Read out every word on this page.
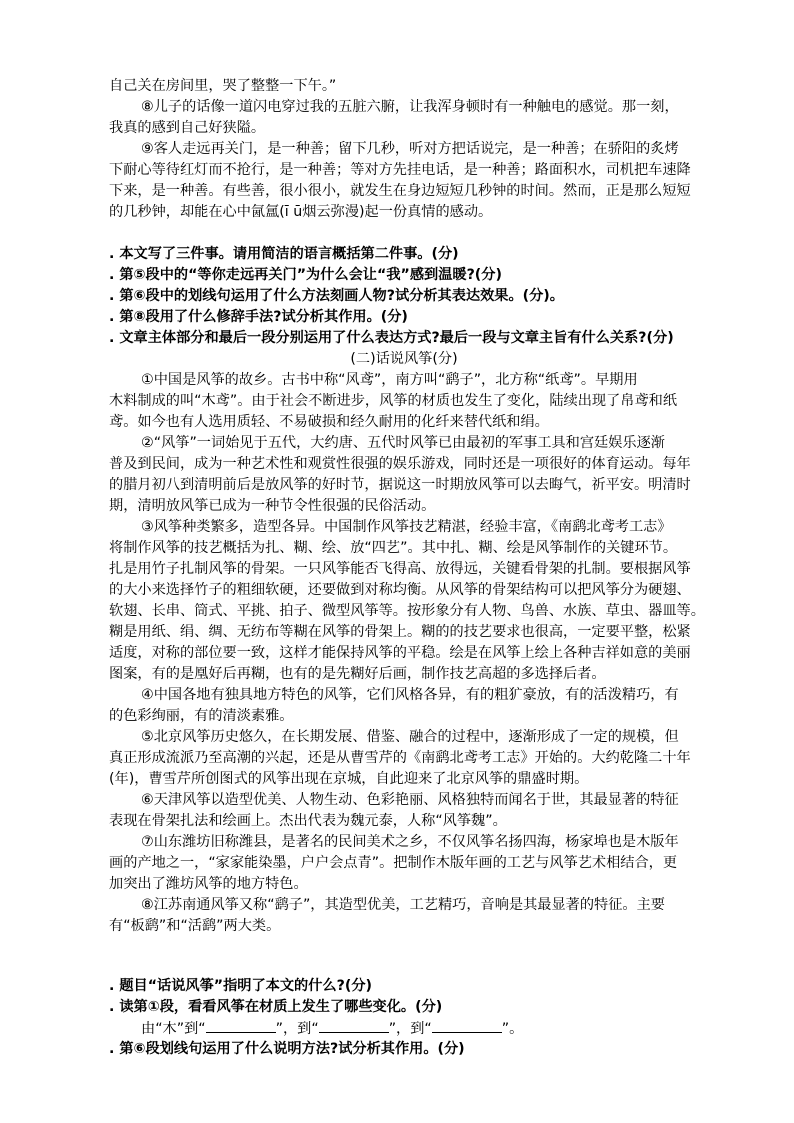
自己关在房间里，哭了整整一下午。”
⑧儿子的话像一道闪电穿过我的五脏六腑，让我浑身顿时有一种触电的感觉。那一刻，
我真的感到自己好狭隘。
⑨客人走远再关门，是一种善；留下几秒，听对方把话说完，是一种善；在骄阳的炙烤
下耐心等待红灯而不抢行，是一种善；等对方先挂电话，是一种善；路面积水，司机把车速降
下来，是一种善。有些善，很小很小，就发生在身边短短几秒钟的时间。然而，正是那么短短
的几秒钟，却能在心中氤氲(ī ū烟云弥漫)起一份真情的感动。
. 本文写了三件事。请用简洁的语言概括第二件事。(分)
. 第⑤段中的“等你走远再关门”为什么会让“我”感到温暖?(分)
. 第⑥段中的划线句运用了什么方法刻画人物?试分析其表达效果。(分)。
. 第⑧段用了什么修辞手法?试分析其作用。(分)
. 文章主体部分和最后一段分别运用了什么表达方式?最后一段与文章主旨有什么关系?(分)
(二)话说风筝(分)
①中国是风筝的故乡。古书中称“风鸢”，南方叫“鹞子”，北方称“纸鸢”。早期用
木料制成的叫“木鸢”。由于社会不断进步，风筝的材质也发生了变化，陆续出现了帛鸢和纸
鸢。如今也有人选用质轻、不易破损和经久耐用的化纤来替代纸和绢。
②“风筝”一词始见于五代，大约唐、五代时风筝已由最初的军事工具和宫廷娱乐逐渐
普及到民间，成为一种艺术性和观赏性很强的娱乐游戏，同时还是一项很好的体育运动。每年
的腊月初八到清明前后是放风筝的好时节，据说这一时期放风筝可以去晦气，祈平安。明清时
期，清明放风筝已成为一种节令性很强的民俗活动。
③风筝种类繁多，造型各异。中国制作风筝技艺精湛，经验丰富，《南鹞北鸢考工志》
将制作风筝的技艺概括为扎、糊、绘、放“四艺”。其中扎、糊、绘是风筝制作的关键环节。
扎是用竹子扎制风筝的骨架。一只风筝能否飞得高、放得远，关键看骨架的扎制。要根据风筝
的大小来选择竹子的粗细软硬，还要做到对称均衡。从风筝的骨架结构可以把风筝分为硬翅、
软翅、长串、筒式、平挑、拍子、微型风筝等。按形象分有人物、鸟兽、水族、草虫、器皿等。
糊是用纸、绢、绸、无纺布等糊在风筝的骨架上。糊的的技艺要求也很高，一定要平整，松紧
适度，对称的部位要一致，这样才能保持风筝的平稳。绘是在风筝上绘上各种吉祥如意的美丽
图案，有的是凰好后再糊，也有的是先糊好后画，制作技艺高超的多选择后者。
④中国各地有独具地方特色的风筝，它们风格各异，有的粗犷豪放，有的活泼精巧，有
的色彩绚丽，有的清淡素雅。
⑤北京风筝历史悠久，在长期发展、借鉴、融合的过程中，逐渐形成了一定的规模，但
真正形成流派乃至高潮的兴起，还是从曹雪芹的《南鹞北鸢考工志》开始的。大约乾隆二十年
(年)，曹雪芹所创图式的风筝出现在京城，自此迎来了北京风筝的鼎盛时期。
⑥天津风筝以造型优美、人物生动、色彩艳丽、风格独特而闻名于世，其最显著的特征
表现在骨架扎法和绘画上。杰出代表为魏元泰，人称“风筝魏”。
⑦山东潍坊旧称潍县，是著名的民间美术之乡，不仅风筝名扬四海，杨家埠也是木版年
画的产地之一，“家家能染墨，户户会点青”。把制作木版年画的工艺与风筝艺术相结合，更
加突出了潍坊风筝的地方特色。
⑧江苏南通风筝又称“鹞子”，其造型优美，工艺精巧，音响是其最显著的特征。主要
有“板鹞”和“活鹞”两大类。
. 题目“话说风筝”指明了本文的什么?(分)
. 读第①段，看看风筝在材质上发生了哪些变化。(分)
由“木”到“	”，到“	”，到“	”。
. 第⑥段划线句运用了什么说明方法?试分析其作用。(分)
